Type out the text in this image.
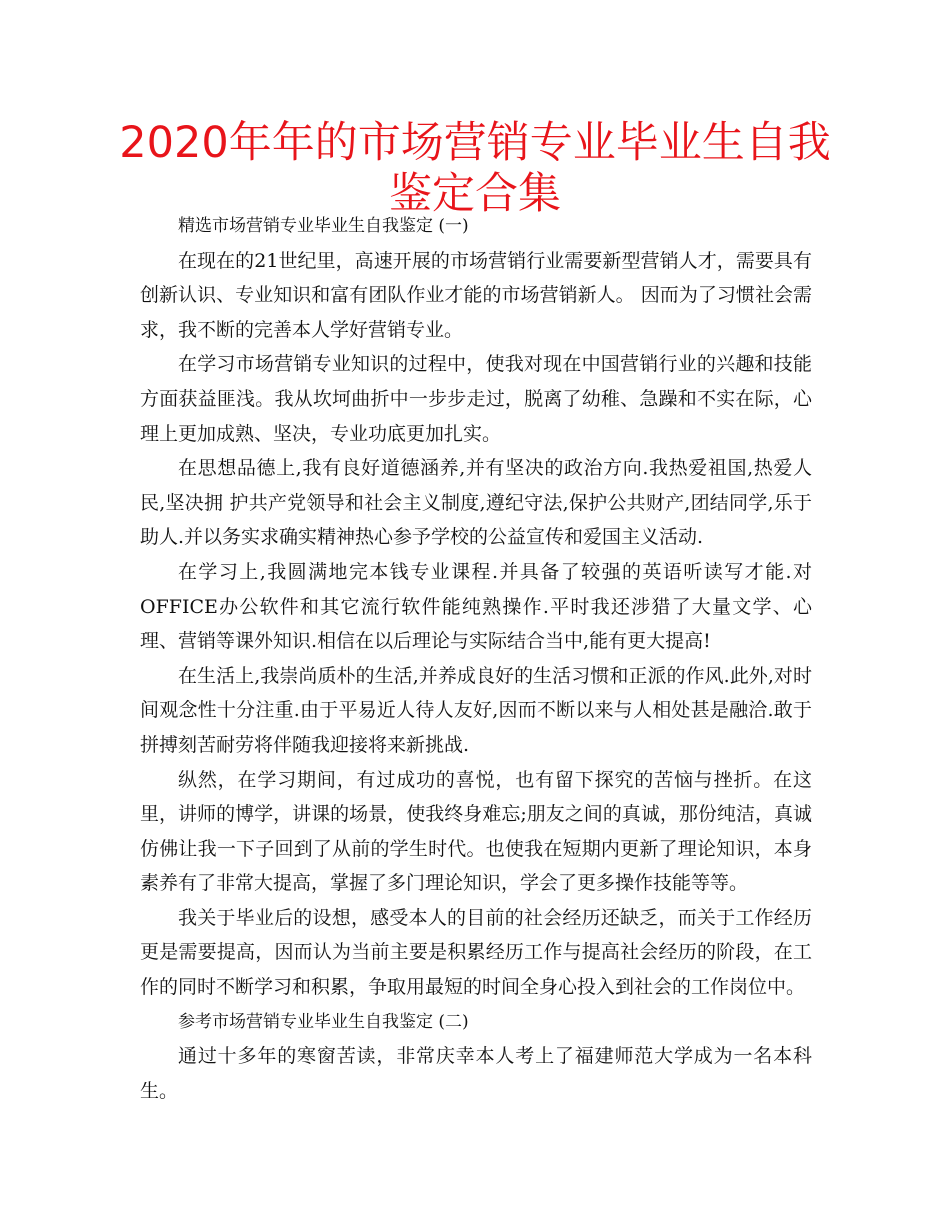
2020年年的市场营销专业毕业生自我鉴定合集

精选市场营销专业毕业生自我鉴定 (一)

在现在的21世纪里，高速开展的市场营销行业需要新型营销人才，需要具有创新认识、专业知识和富有团队作业才能的市场营销新人。 因而为了习惯社会需求，我不断的完善本人学好营销专业。

在学习市场营销专业知识的过程中，使我对现在中国营销行业的兴趣和技能方面获益匪浅。我从坎坷曲折中一步步走过，脱离了幼稚、急躁和不实在际，心理上更加成熟、坚决，专业功底更加扎实。

在思想品德上,我有良好道德涵养,并有坚决的政治方向.我热爱祖国,热爱人民,坚决拥 护共产党领导和社会主义制度,遵纪守法,保护公共财产,团结同学,乐于助人.并以务实求确实精神热心参予学校的公益宣传和爱国主义活动.

在学习上,我圆满地完本钱专业课程.并具备了较强的英语听读写才能.对OFFICE办公软件和其它流行软件能纯熟操作.平时我还涉猎了大量文学、心理、营销等课外知识.相信在以后理论与实际结合当中,能有更大提高!

在生活上,我崇尚质朴的生活,并养成良好的生活习惯和正派的作风.此外,对时间观念性十分注重.由于平易近人待人友好,因而不断以来与人相处甚是融洽.敢于拼搏刻苦耐劳将伴随我迎接将来新挑战.

纵然，在学习期间，有过成功的喜悦，也有留下探究的苦恼与挫折。在这里，讲师的博学，讲课的场景，使我终身难忘;朋友之间的真诚，那份纯洁，真诚仿佛让我一下子回到了从前的学生时代。也使我在短期内更新了理论知识，本身素养有了非常大提高，掌握了多门理论知识，学会了更多操作技能等等。

我关于毕业后的设想，感受本人的目前的社会经历还缺乏，而关于工作经历更是需要提高，因而认为当前主要是积累经历工作与提高社会经历的阶段，在工作的同时不断学习和积累，争取用最短的时间全身心投入到社会的工作岗位中。

参考市场营销专业毕业生自我鉴定 (二)

通过十多年的寒窗苦读，非常庆幸本人考上了福建师范大学成为一名本科生。
